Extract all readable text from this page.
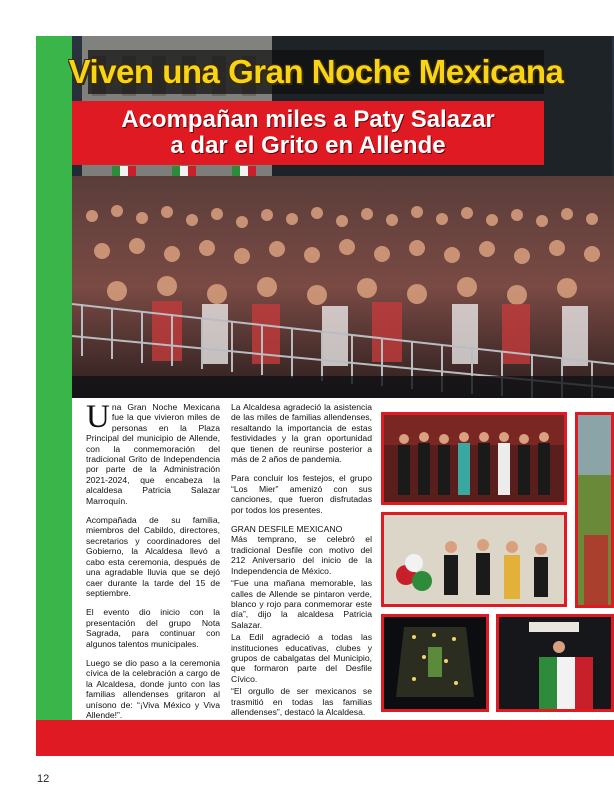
Viven una Gran Noche Mexicana
Acompañan miles a Paty Salazar
a dar el Grito en Allende

Una Gran Noche Mexicana fue la que vivieron miles de personas en la Plaza Principal del municipio de Allende, con la conmemoración del tradicional Grito de Independencia por parte de la Administración 2021-2024, que encabeza la alcaldesa Patricia Salazar Marroquín.

Acompañada de su familia, miembros del Cabildo, directores, secretarios y coordinadores del Gobierno, la Alcaldesa llevó a cabo esta ceremonia, después de una agradable lluvia que se dejó caer durante la tarde del 15 de septiembre.

El evento dio inicio con la presentación del grupo Nota Sagrada, para continuar con algunos talentos municipales.

Luego se dio paso a la ceremonia cívica de la celebración a cargo de la Alcaldesa, donde junto con las familias allendenses gritaron al unísono de: “¡Viva México y Viva Allende!”.

La Alcaldesa agradeció la asistencia de las miles de familias allendenses, resaltando la importancia de estas festividades y la gran oportunidad que tienen de reunirse posterior a más de 2 años de pandemia.

Para concluir los festejos, el grupo “Los Mier” amenizó con sus canciones, que fueron disfrutadas por todos los presentes.

GRAN DESFILE MEXICANO

Más temprano, se celebró el tradicional Desfile con motivo del 212 Aniversario del inicio de la Independencia de México.

“Fue una mañana memorable, las calles de Allende se pintaron verde, blanco y rojo para conmemorar este día”, dijo la alcaldesa Patricia Salazar.

La Edil agradeció a todas las instituciones educativas, clubes y grupos de cabalgatas del Municipio, que formaron parte del Desfile Cívico.

“El orgullo de ser mexicanos se trasmitió en todas las familias allendenses”, destacó la Alcaldesa.

12
